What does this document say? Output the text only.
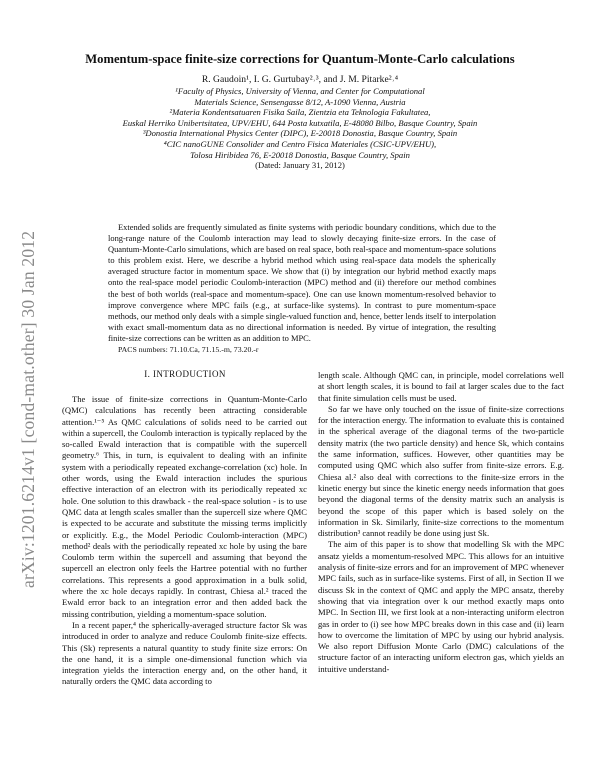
arXiv:1201.6214v1 [cond-mat.other] 30 Jan 2012
Momentum-space finite-size corrections for Quantum-Monte-Carlo calculations
R. Gaudoin¹, I. G. Gurtubay²˒³, and J. M. Pitarke²˒⁴
¹Faculty of Physics, University of Vienna, and Center for Computational
Materials Science, Sensengasse 8/12, A-1090 Vienna, Austria
²Materia Kondentsatuaren Fisika Saila, Zientzia eta Teknologia Fakultatea,
Euskal Herriko Unibertsitatea, UPV/EHU, 644 Posta kutxatila, E-48080 Bilbo, Basque Country, Spain
³Donostia International Physics Center (DIPC), E-20018 Donostia, Basque Country, Spain
⁴CIC nanoGUNE Consolider and Centro Fisica Materiales (CSIC-UPV/EHU),
Tolosa Hiribidea 76, E-20018 Donostia, Basque Country, Spain
(Dated: January 31, 2012)

Extended solids are frequently simulated as finite systems with periodic boundary conditions, which due to the long-range nature of the Coulomb interaction may lead to slowly decaying finite-size errors. In the case of Quantum-Monte-Carlo simulations, which are based on real space, both real-space and momentum-space solutions to this problem exist. Here, we describe a hybrid method which using real-space data models the spherically averaged structure factor in momentum space. We show that (i) by integration our hybrid method exactly maps onto the real-space model periodic Coulomb-interaction (MPC) method and (ii) therefore our method combines the best of both worlds (real-space and momentum-space). One can use known momentum-resolved behavior to improve convergence where MPC fails (e.g., at surface-like systems). In contrast to pure momentum-space methods, our method only deals with a simple single-valued function and, hence, better lends itself to interpolation with exact small-momentum data as no directional information is needed. By virtue of integration, the resulting finite-size corrections can be written as an addition to MPC.

PACS numbers: 71.10.Ca, 71.15.-m, 73.20.-r
I. INTRODUCTION

The issue of finite-size corrections in Quantum-Monte-Carlo (QMC) calculations has recently been attracting considerable attention.¹⁻⁵ As QMC calculations of solids need to be carried out within a supercell, the Coulomb interaction is typically replaced by the so-called Ewald interaction that is compatible with the supercell geometry.⁶ This, in turn, is equivalent to dealing with an infinite system with a periodically repeated exchange-correlation (xc) hole. In other words, using the Ewald interaction includes the spurious effective interaction of an electron with its periodically repeated xc hole. One solution to this drawback - the real-space solution - is to use QMC data at length scales smaller than the supercell size where QMC is expected to be accurate and substitute the missing terms implicitly or explicitly. E.g., the Model Periodic Coulomb-interaction (MPC) method² deals with the periodically repeated xc hole by using the bare Coulomb term within the supercell and assuming that beyond the supercell an electron only feels the Hartree potential with no further correlations. This represents a good approximation in a bulk solid, where the xc hole decays rapidly. In contrast, Chiesa al.² traced the Ewald error back to an integration error and then added back the missing contribution, yielding a momentum-space solution.

In a recent paper,⁴ the spherically-averaged structure factor Sk was introduced in order to analyze and reduce Coulomb finite-size effects. This (Sk) represents a natural quantity to study finite size errors: On the one hand, it is a simple one-dimensional function which via integration yields the interaction energy and, on the other hand, it naturally orders the QMC data according to

length scale. Although QMC can, in principle, model correlations well at short length scales, it is bound to fail at larger scales due to the fact that finite simulation cells must be used.

So far we have only touched on the issue of finite-size corrections for the interaction energy. The information to evaluate this is contained in the spherical average of the diagonal terms of the two-particle density matrix (the two particle density) and hence Sk, which contains the same information, suffices. However, other quantities may be computed using QMC which also suffer from finite-size errors. E.g. Chiesa al.² also deal with corrections to the finite-size errors in the kinetic energy but since the kinetic energy needs information that goes beyond the diagonal terms of the density matrix such an analysis is beyond the scope of this paper which is based solely on the information in Sk. Similarly, finite-size corrections to the momentum distribution³ cannot readily be done using just Sk.

The aim of this paper is to show that modelling Sk with the MPC ansatz yields a momentum-resolved MPC. This allows for an intuitive analysis of finite-size errors and for an improvement of MPC whenever MPC fails, such as in surface-like systems. First of all, in Section II we discuss Sk in the context of QMC and apply the MPC ansatz, thereby showing that via integration over k our method exactly maps onto MPC. In Section III, we first look at a non-interacting uniform electron gas in order to (i) see how MPC breaks down in this case and (ii) learn how to overcome the limitation of MPC by using our hybrid analysis. We also report Diffusion Monte Carlo (DMC) calculations of the structure factor of an interacting uniform electron gas, which yields an intuitive understand-
